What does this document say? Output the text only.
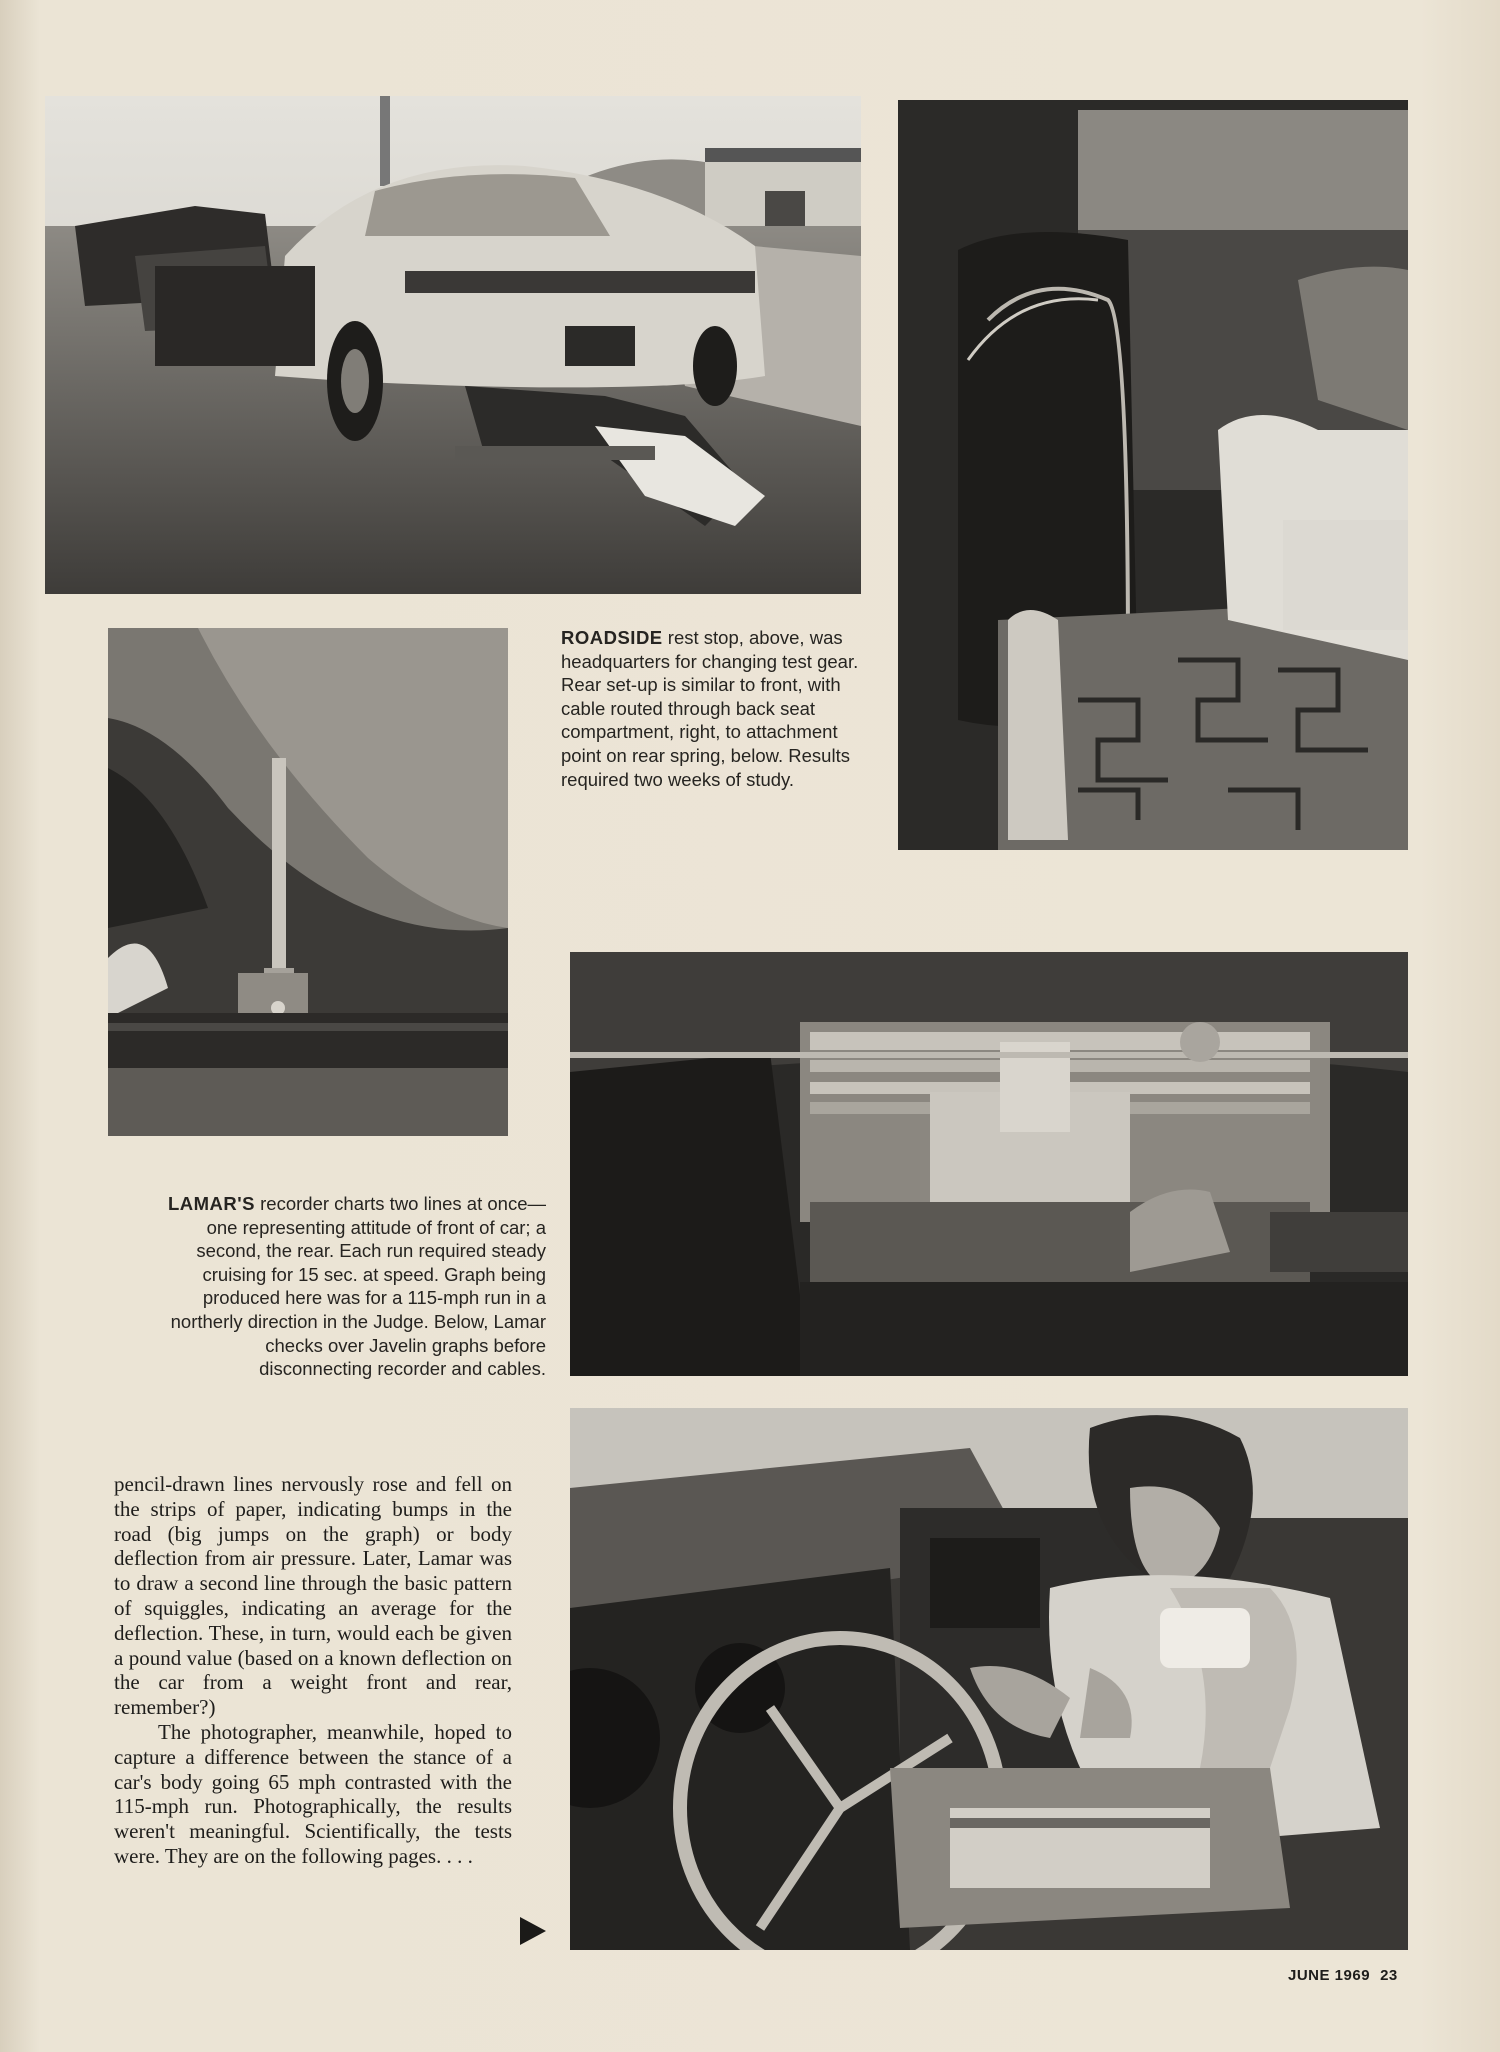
ROADSIDE rest stop, above, was headquarters for changing test gear. Rear set-up is similar to front, with cable routed through back seat compartment, right, to attachment point on rear spring, below. Results required two weeks of study.
LAMAR'S recorder charts two lines at once—one representing attitude of front of car; a second, the rear. Each run required steady cruising for 15 sec. at speed. Graph being produced here was for a 115-mph run in a northerly direction in the Judge. Below, Lamar checks over Javelin graphs before disconnecting recorder and cables.

pencil-drawn lines nervously rose and fell on the strips of paper, indicating bumps in the road (big jumps on the graph) or body deflection from air pressure. Later, Lamar was to draw a second line through the basic pattern of squiggles, indicating an average for the deflection. These, in turn, would each be given a pound value (based on a known deflection on the car from a weight front and rear, remember?)

The photographer, meanwhile, hoped to capture a difference between the stance of a car's body going 65 mph contrasted with the 115-mph run. Photographically, the results weren't meaningful. Scientifically, the tests were. They are on the following pages. . . .

JUNE 1969 23
